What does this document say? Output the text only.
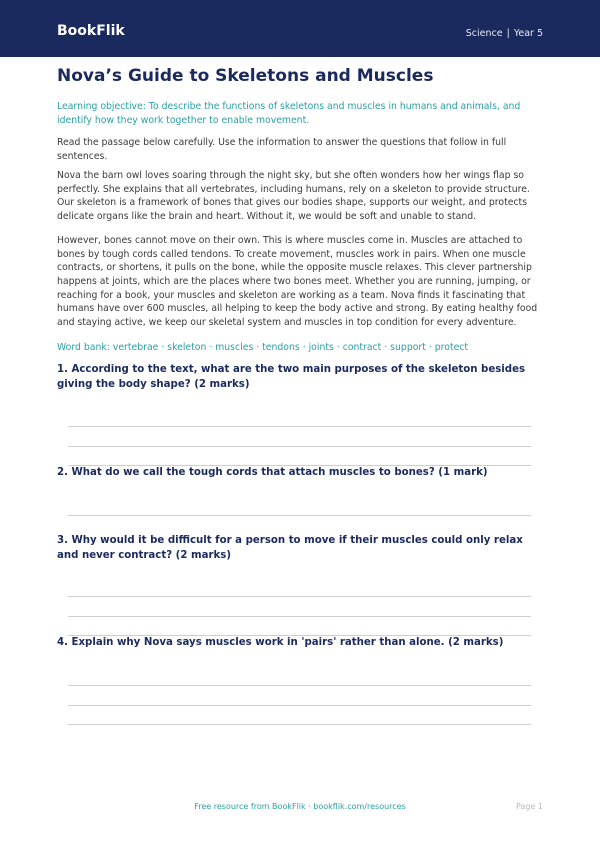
BookFlik	Science | Year 5
Nova’s Guide to Skeletons and Muscles

Learning objective: To describe the functions of skeletons and muscles in humans and animals, and identify how they work together to enable movement.

Read the passage below carefully. Use the information to answer the questions that follow in full sentences.

Nova the barn owl loves soaring through the night sky, but she often wonders how her wings flap so perfectly. She explains that all vertebrates, including humans, rely on a skeleton to provide structure. Our skeleton is a framework of bones that gives our bodies shape, supports our weight, and protects delicate organs like the brain and heart. Without it, we would be soft and unable to stand.

However, bones cannot move on their own. This is where muscles come in. Muscles are attached to bones by tough cords called tendons. To create movement, muscles work in pairs. When one muscle contracts, or shortens, it pulls on the bone, while the opposite muscle relaxes. This clever partnership happens at joints, which are the places where two bones meet. Whether you are running, jumping, or reaching for a book, your muscles and skeleton are working as a team. Nova finds it fascinating that humans have over 600 muscles, all helping to keep the body active and strong. By eating healthy food and staying active, we keep our skeletal system and muscles in top condition for every adventure.

Word bank: vertebrae · skeleton · muscles · tendons · joints · contract · support · protect

1. According to the text, what are the two main purposes of the skeleton besides giving the body shape? (2 marks)
2. What do we call the tough cords that attach muscles to bones? (1 mark)
3. Why would it be difficult for a person to move if their muscles could only relax and never contract? (2 marks)
4. Explain why Nova says muscles work in 'pairs' rather than alone. (2 marks)
Free resource from BookFlik · bookflik.com/resources	Page 1
